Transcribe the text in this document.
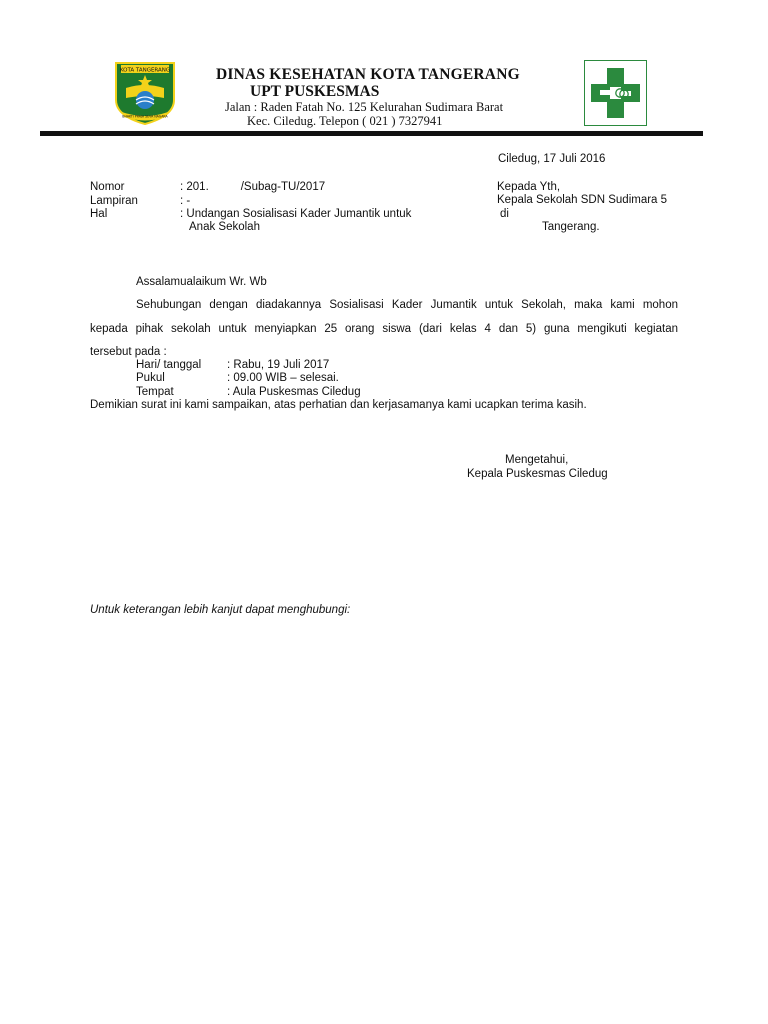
KOTA TANGERANG
BHAKTI PRAJA SEVA NAGARA
DINAS KESEHATAN KOTA TANGERANG
UPT PUSKESMAS
Jalan : Raden Fatah No. 125 Kelurahan Sudimara Barat
Kec. Ciledug. Telepon ( 021 ) 7327941
Ciledug, 17 Juli 2016
Nomor	: 201.          /Subag-TU/2017
Lampiran	: -
Hal	: Undangan Sosialisasi Kader Jumantik untuk
Anak Sekolah
Kepada Yth,
Kepala Sekolah SDN Sudimara 5
di
Tangerang.
Assalamualaikum Wr. Wb
Sehubungan dengan diadakannya Sosialisasi Kader Jumantik untuk Sekolah, maka kami mohon
kepada pihak sekolah untuk menyiapkan 25 orang siswa (dari kelas 4 dan 5) guna mengikuti kegiatan
tersebut pada :
Hari/ tanggal : Rabu, 19 Juli 2017
Pukul	: 09.00 WIB – selesai.
Tempat	: Aula Puskesmas Ciledug
Demikian surat ini kami sampaikan, atas perhatian dan kerjasamanya kami ucapkan terima kasih.
Mengetahui,
Kepala Puskesmas Ciledug
Untuk keterangan lebih kanjut dapat menghubungi:
